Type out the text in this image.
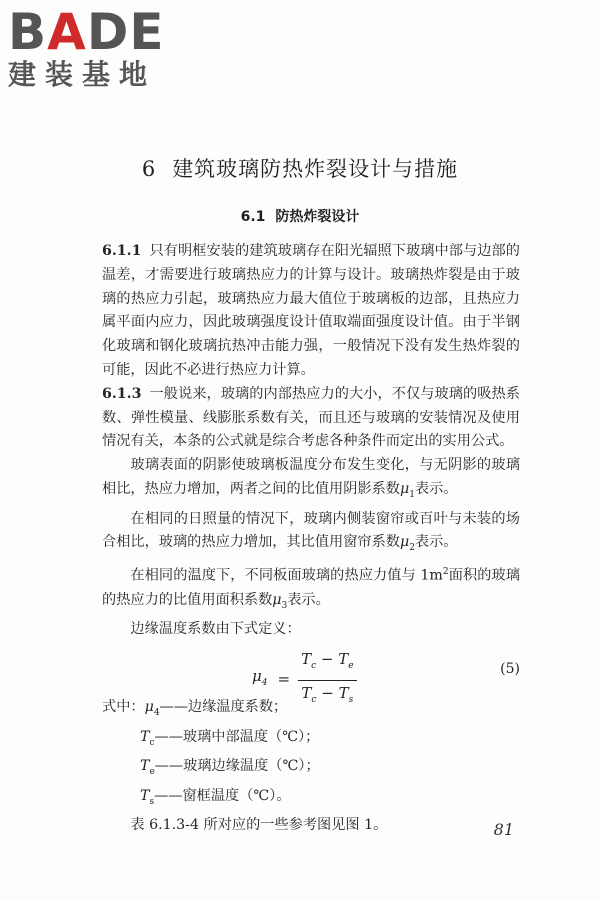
BADE
建装基地
6 建筑玻璃防热炸裂设计与措施
6.1 防热炸裂设计

6.1.1 只有明框安装的建筑玻璃存在阳光辐照下玻璃中部与边部的温差，才需要进行玻璃热应力的计算与设计。玻璃热炸裂是由于玻璃的热应力引起，玻璃热应力最大值位于玻璃板的边部，且热应力属平面内应力，因此玻璃强度设计值取端面强度设计值。由于半钢化玻璃和钢化玻璃抗热冲击能力强，一般情况下没有发生热炸裂的可能，因此不必进行热应力计算。

6.1.3 一般说来，玻璃的内部热应力的大小，不仅与玻璃的吸热系数、弹性模量、线膨胀系数有关，而且还与玻璃的安装情况及使用情况有关，本条的公式就是综合考虑各种条件而定出的实用公式。

玻璃表面的阴影使玻璃板温度分布发生变化，与无阴影的玻璃相比，热应力增加，两者之间的比值用阴影系数$\mu_1$表示。

在相同的日照量的情况下，玻璃内侧装窗帘或百叶与未装的场合相比，玻璃的热应力增加，其比值用窗帘系数$\mu_2$表示。

在相同的温度下，不同板面玻璃的热应力值与 $1m^2$面积的玻璃的热应力的比值用面积系数$\mu_3$表示。

边缘温度系数由下式定义：

$\mu_4 = \frac{T_c - T_e}{T_c - T_s}$	(5)

式中：$\mu_4——$边缘温度系数；

$T_c——$玻璃中部温度（℃）；

$T_e——$玻璃边缘温度（℃）；

$T_s——$窗框温度（℃）。

表 6.1.3-4 所对应的一些参考图见图 1。	81
